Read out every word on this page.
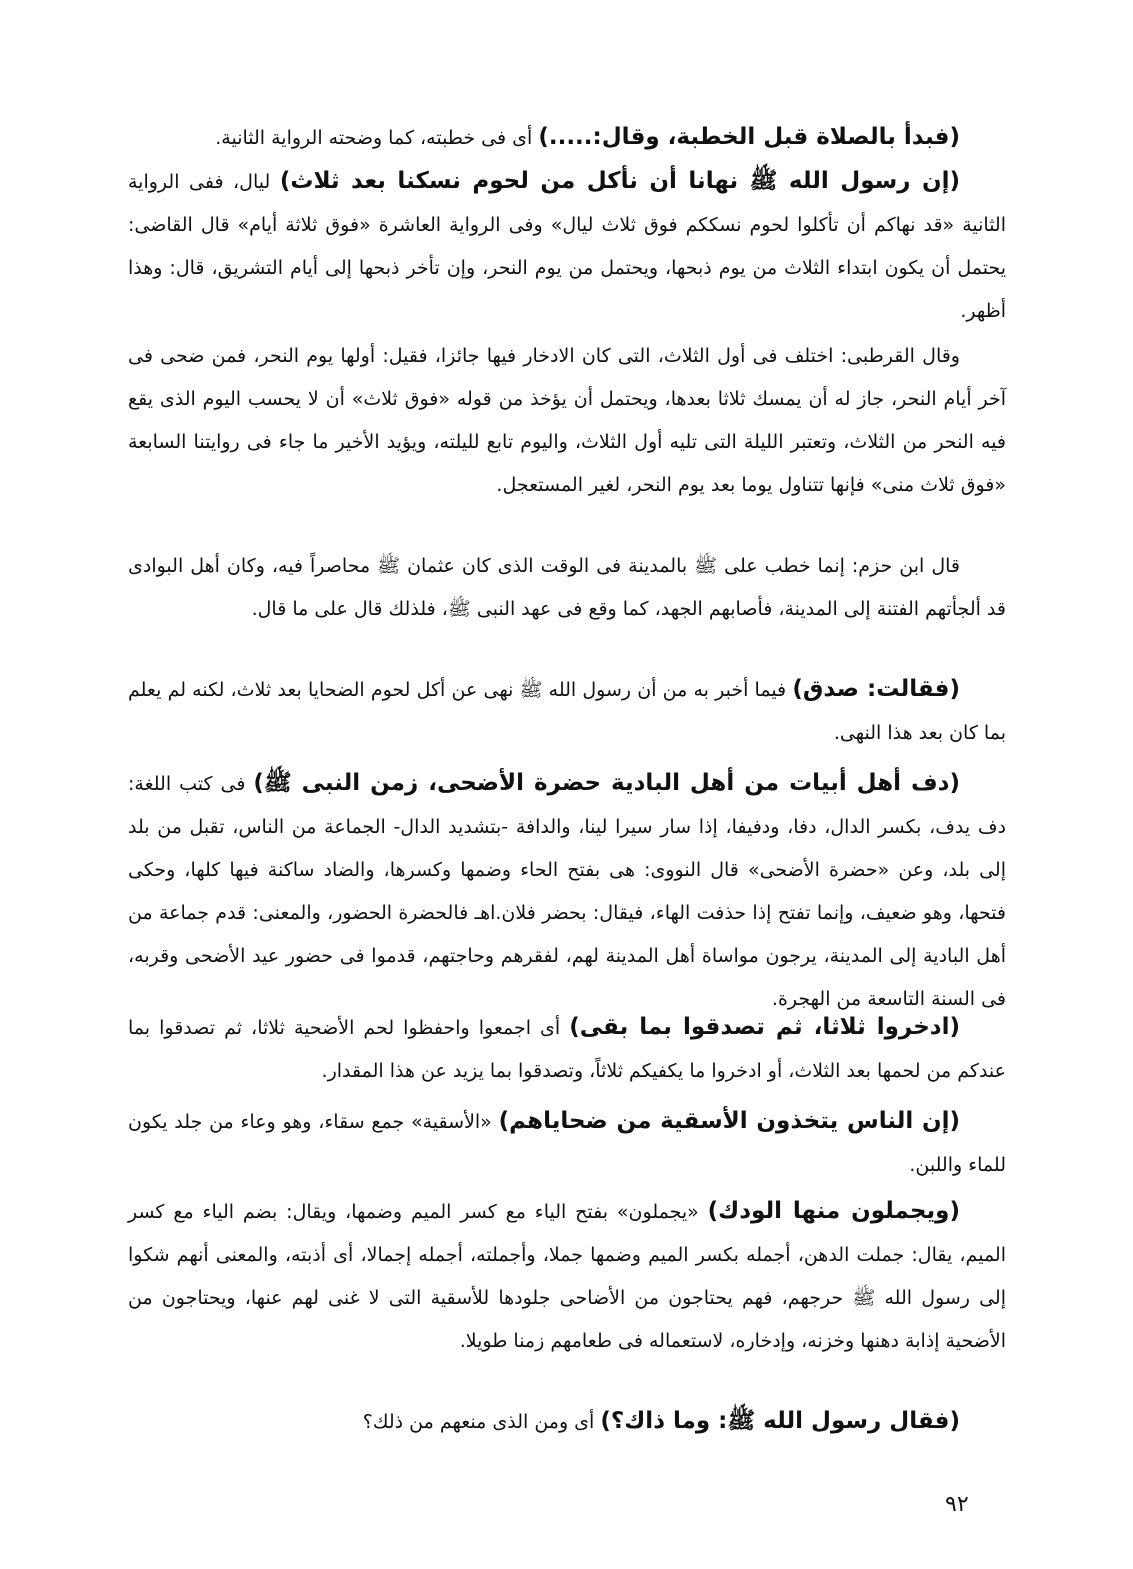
(فبدأ بالصلاة قبل الخطبة، وقال:.....) أى فى خطبته، كما وضحته الرواية الثانية.

(إن رسول الله ﷺ نهانا أن نأكل من لحوم نسكنا بعد ثلاث) ليال، ففى الرواية الثانية «قد نهاكم أن تأكلوا لحوم نسككم فوق ثلاث ليال» وفى الرواية العاشرة «فوق ثلاثة أيام» قال القاضى: يحتمل أن يكون ابتداء الثلاث من يوم ذبحها، ويحتمل من يوم النحر، وإن تأخر ذبحها إلى أيام التشريق، قال: وهذا أظهر.

وقال القرطبى: اختلف فى أول الثلاث، التى كان الادخار فيها جائزا، فقيل: أولها يوم النحر، فمن ضحى فى آخر أيام النحر، جاز له أن يمسك ثلاثا بعدها، ويحتمل أن يؤخذ من قوله «فوق ثلاث» أن لا يحسب اليوم الذى يقع فيه النحر من الثلاث، وتعتبر الليلة التى تليه أول الثلاث، واليوم تابع لليلته، ويؤيد الأخير ما جاء فى روايتنا السابعة «فوق ثلاث منى» فإنها تتناول يوما بعد يوم النحر، لغير المستعجل.

قال ابن حزم: إنما خطب على ﷺ بالمدينة فى الوقت الذى كان عثمان ﷺ محاصراً فيه، وكان أهل البوادى قد ألجأتهم الفتنة إلى المدينة، فأصابهم الجهد، كما وقع فى عهد النبى ﷺ، فلذلك قال على ما قال.

(فقالت: صدق) فيما أخبر به من أن رسول الله ﷺ نهى عن أكل لحوم الضحايا بعد ثلاث، لكنه لم يعلم بما كان بعد هذا النهى.

(دف أهل أبيات من أهل البادية حضرة الأضحى، زمن النبى ﷺ) فى كتب اللغة: دف يدف، بكسر الدال، دفا، ودفيفا، إذا سار سيرا لينا، والدافة -بتشديد الدال- الجماعة من الناس، تقبل من بلد إلى بلد، وعن «حضرة الأضحى» قال النووى: هى بفتح الحاء وضمها وكسرها، والضاد ساكنة فيها كلها، وحكى فتحها، وهو ضعيف، وإنما تفتح إذا حذفت الهاء، فيقال: بحضر فلان.اهـ فالحضرة الحضور، والمعنى: قدم جماعة من أهل البادية إلى المدينة، يرجون مواساة أهل المدينة لهم، لفقرهم وحاجتهم، قدموا فى حضور عيد الأضحى وقربه، فى السنة التاسعة من الهجرة.

(ادخروا ثلاثا، ثم تصدقوا بما بقى) أى اجمعوا واحفظوا لحم الأضحية ثلاثا، ثم تصدقوا بما عندكم من لحمها بعد الثلاث، أو ادخروا ما يكفيكم ثلاثاً، وتصدقوا بما يزيد عن هذا المقدار.

(إن الناس يتخذون الأسقية من ضحاياهم) «الأسقية» جمع سقاء، وهو وعاء من جلد يكون للماء واللبن.

(ويجملون منها الودك) «يجملون» بفتح الياء مع كسر الميم وضمها، ويقال: بضم الياء مع كسر الميم، يقال: جملت الدهن، أجمله بكسر الميم وضمها جملا، وأجملته، أجمله إجمالا، أى أذبته، والمعنى أنهم شكوا إلى رسول الله ﷺ حرجهم، فهم يحتاجون من الأضاحى جلودها للأسقية التى لا غنى لهم عنها، ويحتاجون من الأضحية إذابة دهنها وخزنه، وإدخاره، لاستعماله فى طعامهم زمنا طويلا.

(فقال رسول الله ﷺ: وما ذاك؟) أى ومن الذى منعهم من ذلك؟

٩٢
